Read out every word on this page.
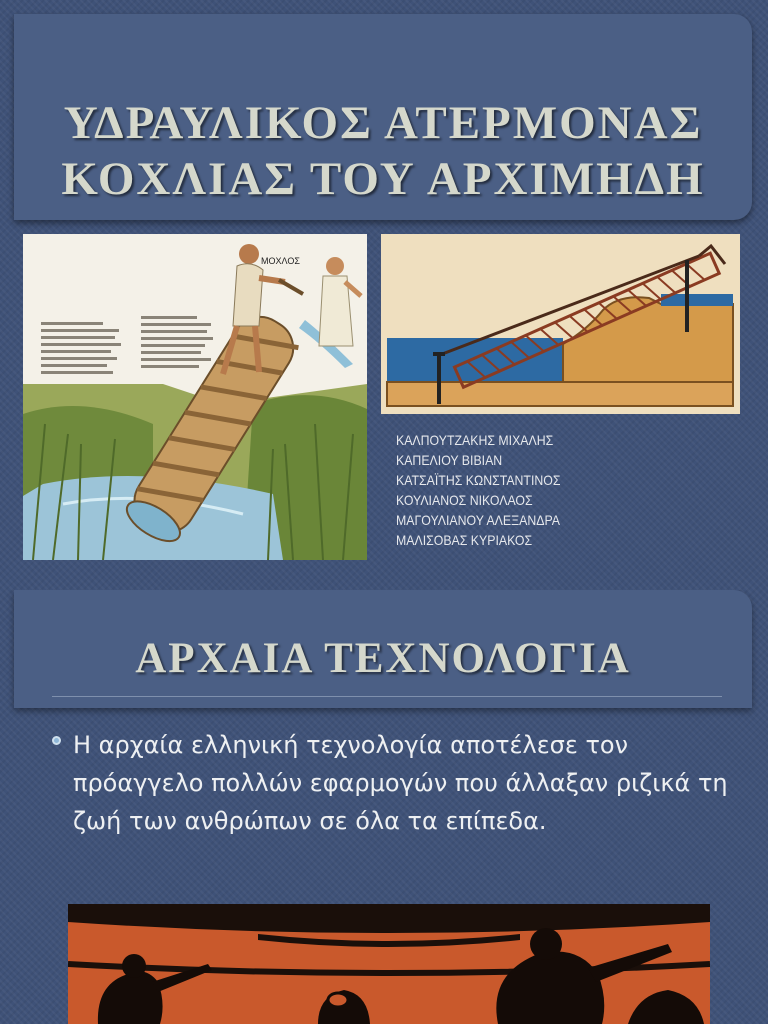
ΥΔΡΑΥΛΙΚΟΣ ΑΤΕΡΜΟΝΑΣ
ΚΟΧΛΙΑΣ ΤΟΥ ΑΡΧΙΜΗΔΗ
ΜΟΧΛΟΣ
ΚΑΛΠΟΥΤΖΑΚΗΣ ΜΙΧΑΛΗΣ
ΚΑΠΕΛΙΟΥ ΒΙΒΙΑΝ
ΚΑΤΣΑΪΤΗΣ ΚΩΝΣΤΑΝΤΙΝΟΣ
ΚΟΥΛΙΑΝΟΣ ΝΙΚΟΛΑΟΣ
ΜΑΓΟΥΛΙΑΝΟΥ ΑΛΕΞΑΝΔΡΑ
ΜΑΛΙΣΟΒΑΣ ΚΥΡΙΑΚΟΣ
ΑΡΧΑΙΑ ΤΕΧΝΟΛΟΓΙΑ

Η αρχαία ελληνική τεχνολογία αποτέλεσε τον πρόαγγελο πολλών εφαρμογών που άλλαξαν ριζικά τη ζωή των ανθρώπων σε όλα τα επίπεδα.
